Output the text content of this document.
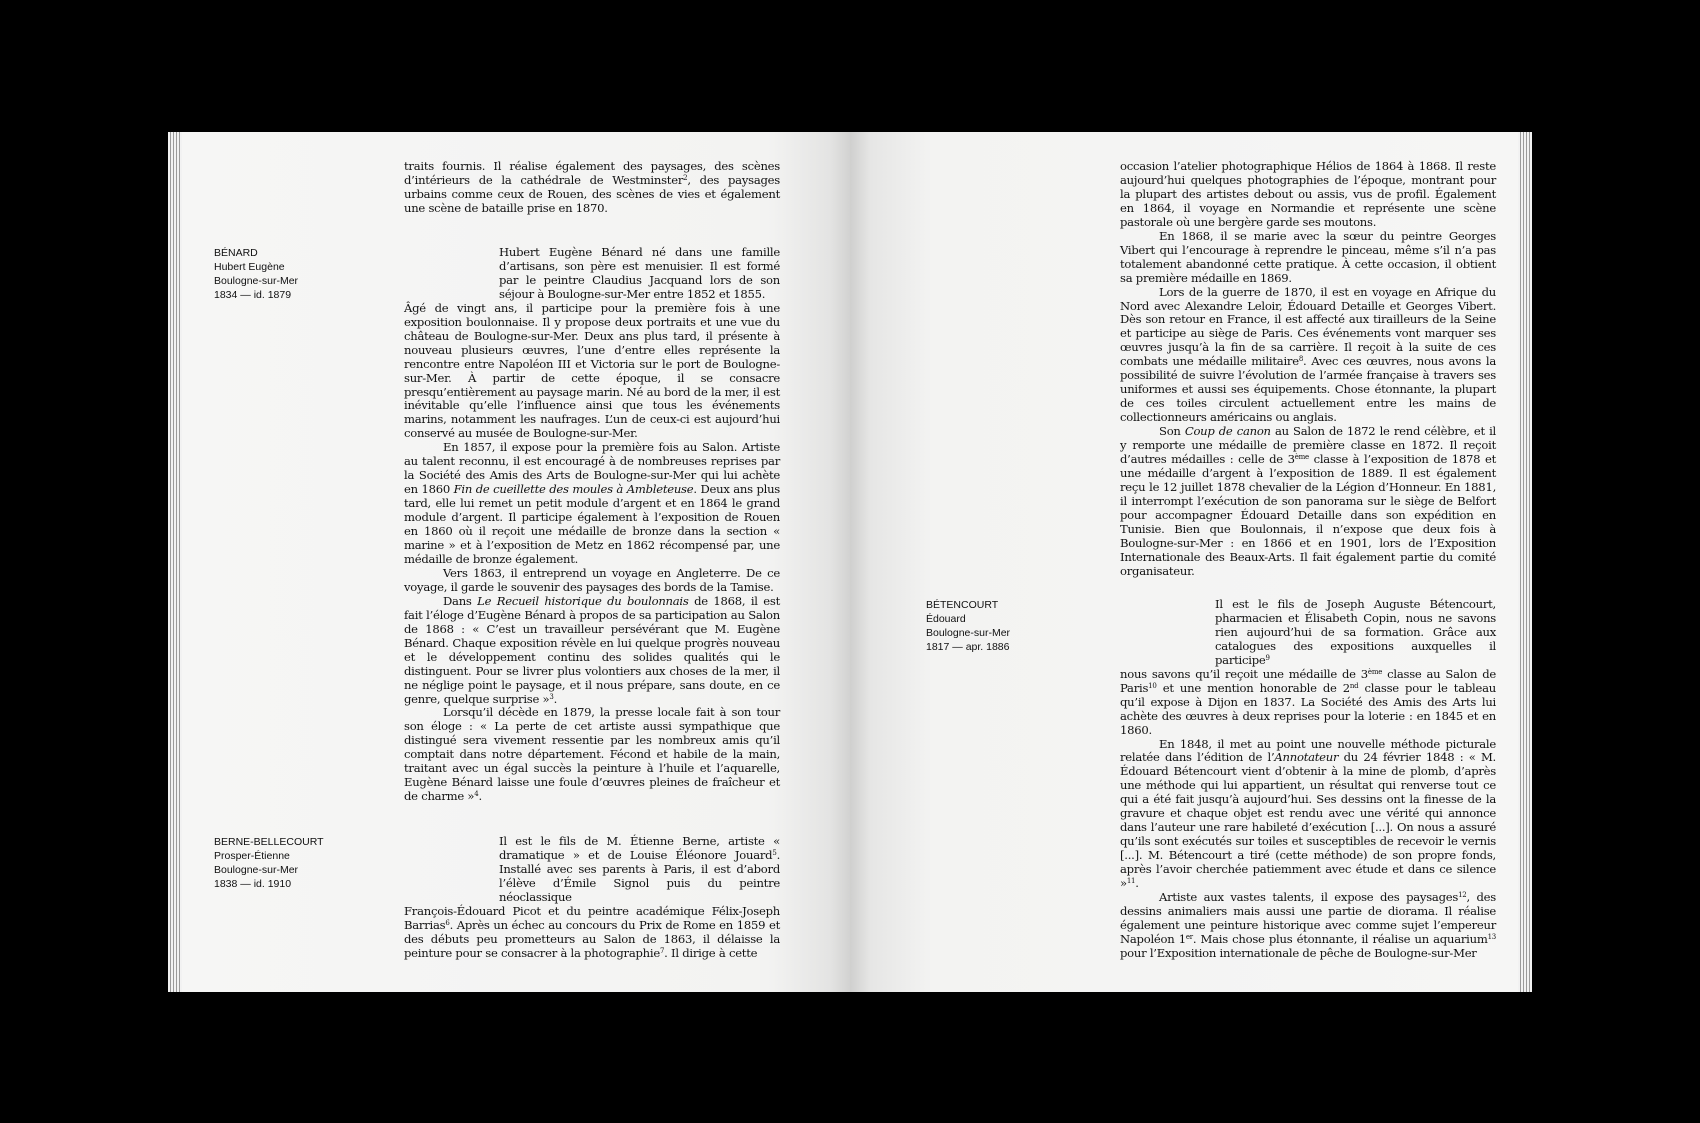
traits fournis. Il réalise également des paysages, des scènes d’intérieurs de la cathédrale de Westminster$^2$, des paysages urbains comme ceux de Rouen, des scènes de vies et également une scène de bataille prise en 1870.

BÉNARD
Hubert Eugène
Boulogne-sur-Mer
1834 — id. 1879

Hubert Eugène Bénard né dans une famille d’artisans, son père est menuisier. Il est formé par le peintre Claudius Jacquand lors de son séjour à Boulogne-sur-Mer entre 1852 et 1855.

Âgé de vingt ans, il participe pour la première fois à une exposition boulonnaise. Il y propose deux portraits et une vue du château de Boulogne-sur-Mer. Deux ans plus tard, il présente à nouveau plusieurs œuvres, l’une d’entre elles représente la rencontre entre Napoléon III et Victoria sur le port de Boulogne-sur-Mer. À partir de cette époque, il se consacre presqu’entièrement au paysage marin. Né au bord de la mer, il est inévitable qu’elle l’influence ainsi que tous les événements marins, notamment les naufrages. L’un de ceux-ci est aujourd’hui conservé au musée de Boulogne-sur-Mer.

En 1857, il expose pour la première fois au Salon. Artiste au talent reconnu, il est encouragé à de nombreuses reprises par la Société des Amis des Arts de Boulogne-sur-Mer qui lui achète en 1860 Fin de cueillette des moules à Ambleteuse. Deux ans plus tard, elle lui remet un petit module d’argent et en 1864 le grand module d’argent. Il participe également à l’exposition de Rouen en 1860 où il reçoit une médaille de bronze dans la section « marine » et à l’exposition de Metz en 1862 récompensé par, une médaille de bronze également.

Vers 1863, il entreprend un voyage en Angleterre. De ce voyage, il garde le souvenir des paysages des bords de la Tamise.

Dans Le Recueil historique du boulonnais de 1868, il est fait l’éloge d’Eugène Bénard à propos de sa participation au Salon de 1868 : « C’est un travailleur persévérant que M. Eugène Bénard. Chaque exposition révèle en lui quelque progrès nouveau et le développement continu des solides qualités qui le distinguent. Pour se livrer plus volontiers aux choses de la mer, il ne néglige point le paysage, et il nous prépare, sans doute, en ce genre, quelque surprise »$^3$.

Lorsqu’il décède en 1879, la presse locale fait à son tour son éloge : « La perte de cet artiste aussi sympathique que distingué sera vivement ressentie par les nombreux amis qu’il comptait dans notre département. Fécond et habile de la main, traitant avec un égal succès la peinture à l’huile et l’aquarelle, Eugène Bénard laisse une foule d’œuvres pleines de fraîcheur et de charme »$^4$.

BERNE-BELLECOURT
Prosper-Étienne
Boulogne-sur-Mer
1838 — id. 1910

Il est le fils de M. Étienne Berne, artiste « dramatique » et de Louise Éléonore Jouard$^5$. Installé avec ses parents à Paris, il est d’abord l’élève d’Émile Signol puis du peintre néoclassique

François-Édouard Picot et du peintre académique Félix-Joseph Barrias$^6$. Après un échec au concours du Prix de Rome en 1859 et des débuts peu prometteurs au Salon de 1863, il délaisse la peinture pour se consacrer à la photographie$^7$. Il dirige à cette

occasion l’atelier photographique Hélios de 1864 à 1868. Il reste aujourd’hui quelques photographies de l’époque, montrant pour la plupart des artistes debout ou assis, vus de profil. Également en 1864, il voyage en Normandie et représente une scène pastorale où une bergère garde ses moutons.

En 1868, il se marie avec la sœur du peintre Georges Vibert qui l’encourage à reprendre le pinceau, même s’il n’a pas totalement abandonné cette pratique. À cette occasion, il obtient sa première médaille en 1869.

Lors de la guerre de 1870, il est en voyage en Afrique du Nord avec Alexandre Leloir, Édouard Detaille et Georges Vibert. Dès son retour en France, il est affecté aux tirailleurs de la Seine et participe au siège de Paris. Ces événements vont marquer ses œuvres jusqu’à la fin de sa carrière. Il reçoit à la suite de ces combats une médaille militaire$^8$. Avec ces œuvres, nous avons la possibilité de suivre l’évolution de l’armée française à travers ses uniformes et aussi ses équipements. Chose étonnante, la plupart de ces toiles circulent actuellement entre les mains de collectionneurs américains ou anglais.

Son Coup de canon au Salon de 1872 le rend célèbre, et il y remporte une médaille de première classe en 1872. Il reçoit d’autres médailles : celle de 3ème classe à l’exposition de 1878 et une médaille d’argent à l’exposition de 1889. Il est également reçu le 12 juillet 1878 chevalier de la Légion d’Honneur. En 1881, il interrompt l’exécution de son panorama sur le siège de Belfort pour accompagner Édouard Detaille dans son expédition en Tunisie. Bien que Boulonnais, il n’expose que deux fois à Boulogne-sur-Mer : en 1866 et en 1901, lors de l’Exposition Internationale des Beaux-Arts. Il fait également partie du comité organisateur.

BÉTENCOURT
Édouard
Boulogne-sur-Mer
1817 — apr. 1886

Il est le fils de Joseph Auguste Bétencourt, pharmacien et Élisabeth Copin, nous ne savons rien aujourd’hui de sa formation. Grâce aux catalogues des expositions auxquelles il participe$^9$

nous savons qu’il reçoit une médaille de 3ème classe au Salon de Paris$^{10}$ et une mention honorable de 2nd classe pour le tableau qu’il expose à Dijon en 1837. La Société des Amis des Arts lui achète des œuvres à deux reprises pour la loterie : en 1845 et en 1860.

En 1848, il met au point une nouvelle méthode picturale relatée dans l’édition de l’Annotateur du 24 février 1848 : « M. Édouard Bétencourt vient d’obtenir à la mine de plomb, d’après une méthode qui lui appartient, un résultat qui renverse tout ce qui a été fait jusqu’à aujourd’hui. Ses dessins ont la finesse de la gravure et chaque objet est rendu avec une vérité qui annonce dans l’auteur une rare habileté d’exécution [...]. On nous a assuré qu’ils sont exécutés sur toiles et susceptibles de recevoir le vernis [...]. M. Bétencourt a tiré (cette méthode) de son propre fonds, après l’avoir cherchée patiemment avec étude et dans ce silence »$^{11}$.

Artiste aux vastes talents, il expose des paysages$^{12}$, des dessins animaliers mais aussi une partie de diorama. Il réalise également une peinture historique avec comme sujet l’empereur Napoléon 1er. Mais chose plus étonnante, il réalise un aquarium$^{13}$ pour l’Exposition internationale de pêche de Boulogne-sur-Mer
